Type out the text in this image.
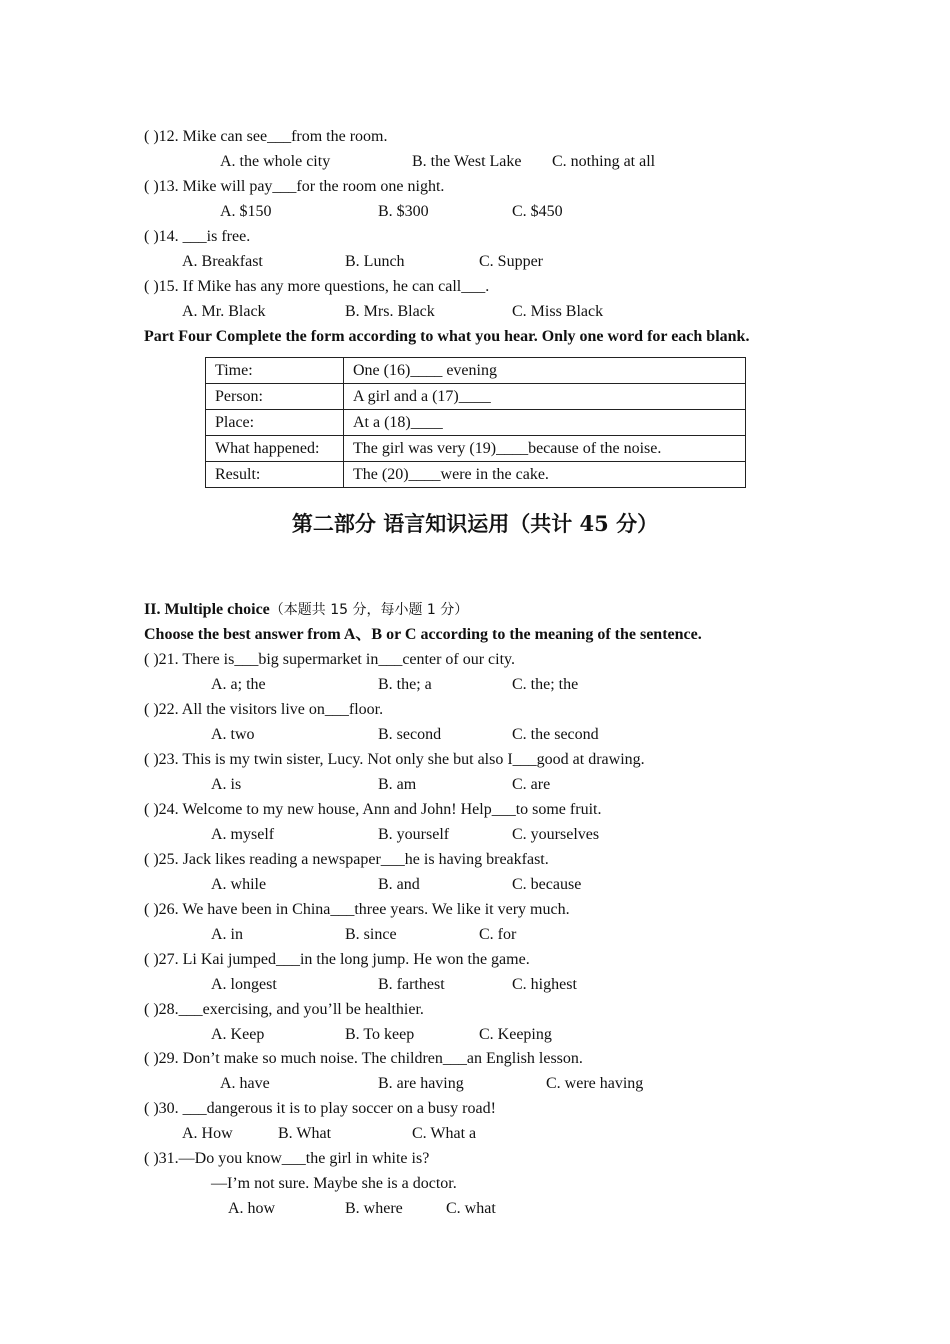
( )12. Mike can see___from the room.
A. the whole city	B. the West Lake C. nothing at all
( )13. Mike will pay___for the room one night.
A. $150	B. $300	C. $450
( )14. ___is free.
A. Breakfast	B. Lunch	C. Supper
( )15. If Mike has any more questions, he can call___.
A. Mr. Black	B. Mrs. Black	C. Miss Black
Part Four Complete the form according to what you hear. Only one word for each blank.
Time:	One (16)____ evening
Person:	A girl and a (17)____
Place:	At a (18)____
What happened:	The girl was very (19)____because of the noise.
Result:	The (20)____were in the cake.
第二部分 语言知识运用（共计 45 分）
II. Multiple choice（本题共 15 分，每小题 1 分）
Choose the best answer from A、B or C according to the meaning of the sentence.
( )21. There is___big supermarket in___center of our city.
A. a; the	B. the; a	C. the; the
( )22. All the visitors live on___floor.
A. two	B. second	C. the second
( )23. This is my twin sister, Lucy. Not only she but also I___good at drawing.
A. is	B. am	C. are
( )24. Welcome to my new house, Ann and John! Help___to some fruit.
A. myself	B. yourself	C. yourselves
( )25. Jack likes reading a newspaper___he is having breakfast.
A. while	B. and	C. because
( )26. We have been in China___three years. We like it very much.
A. in	B. since	C. for
( )27. Li Kai jumped___in the long jump. He won the game.
A. longest	B. farthest	C. highest
( )28.___exercising, and you’ll be healthier.
A. Keep	B. To keep	C. Keeping
( )29. Don’t make so much noise. The children___an English lesson.
A. have	B. are having	C. were having
( )30. ___dangerous it is to play soccer on a busy road!
A. How	B. What	C. What a
( )31.—Do you know___the girl in white is?
—I’m not sure. Maybe she is a doctor.
A. how	B. where	C. what
